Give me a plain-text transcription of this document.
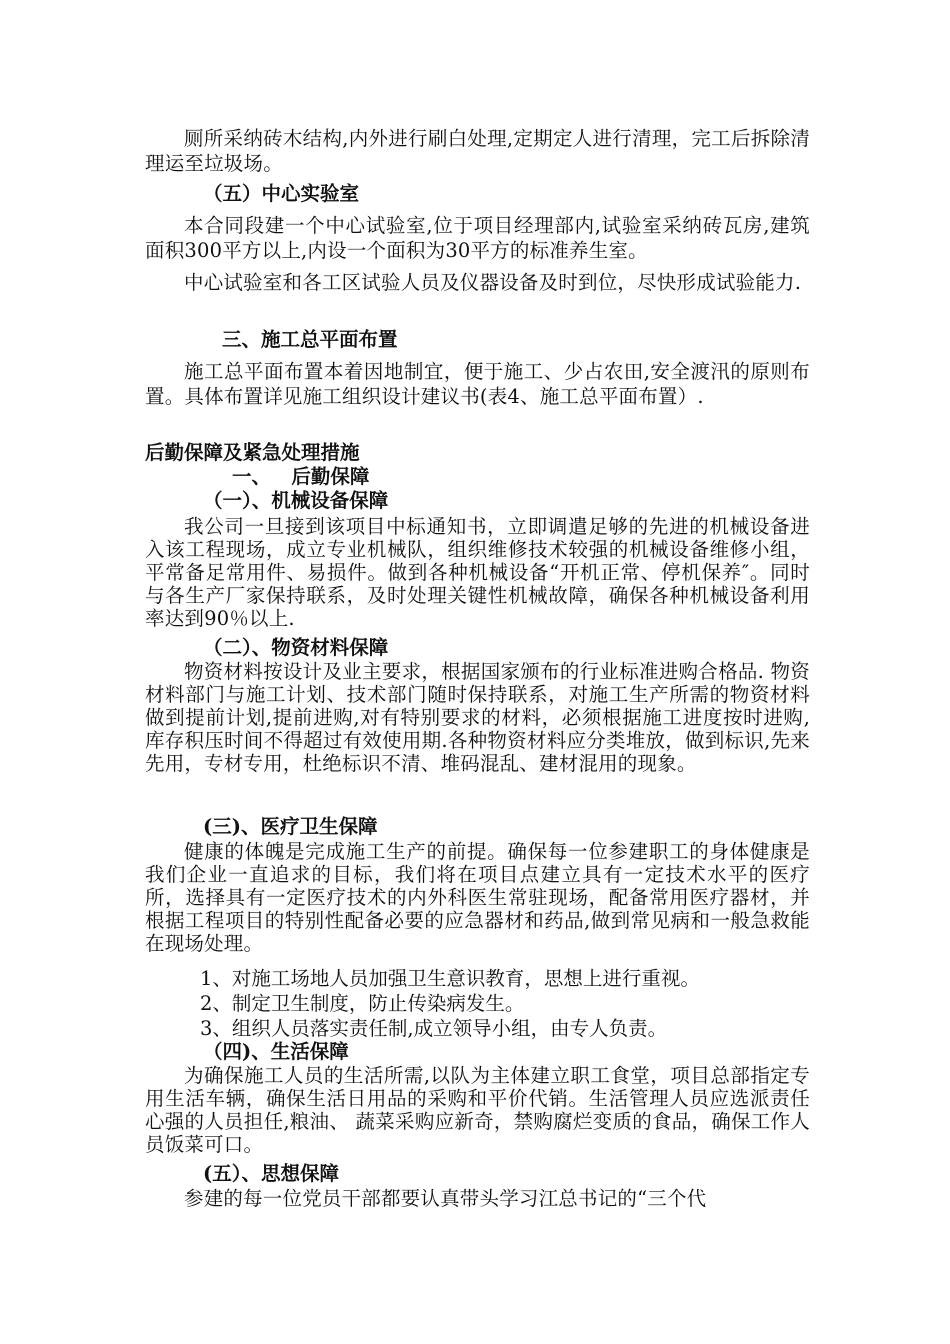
厕所采纳砖木结构,内外进行刷白处理,定期定人进行清理，完工后拆除清理运至垃圾场。

（五）中心实验室

本合同段建一个中心试验室,位于项目经理部内,试验室采纳砖瓦房,建筑面积300平方以上,内设一个面积为30平方的标准养生室。

中心试验室和各工区试验人员及仪器设备及时到位，尽快形成试验能力.

三、施工总平面布置

施工总平面布置本着因地制宜，便于施工、少占农田,安全渡汛的原则布置。具体布置详见施工组织设计建议书(表4、施工总平面布置）.

后勤保障及紧急处理措施

一、   后勤保障

（一）、机械设备保障

我公司一旦接到该项目中标通知书，立即调遣足够的先进的机械设备进入该工程现场，成立专业机械队，组织维修技术较强的机械设备维修小组，平常备足常用件、易损件。做到各种机械设备“开机正常、停机保养″。同时与各生产厂家保持联系，及时处理关键性机械故障，确保各种机械设备利用率达到90％以上.

（二）、物资材料保障

物资材料按设计及业主要求，根据国家颁布的行业标准进购合格品. 物资材料部门与施工计划、技术部门随时保持联系，对施工生产所需的物资材料做到提前计划,提前进购,对有特别要求的材料，必须根据施工进度按时进购,库存积压时间不得超过有效使用期.各种物资材料应分类堆放，做到标识,先来先用，专材专用，杜绝标识不清、堆码混乱、建材混用的现象。

(三)、医疗卫生保障

健康的体魄是完成施工生产的前提。确保每一位参建职工的身体健康是我们企业一直追求的目标，我们将在项目点建立具有一定技术水平的医疗所，选择具有一定医疗技术的内外科医生常驻现场，配备常用医疗器材，并根据工程项目的特别性配备必要的应急器材和药品,做到常见病和一般急救能在现场处理。

1、对施工场地人员加强卫生意识教育，思想上进行重视。

2、制定卫生制度，防止传染病发生。

3、组织人员落实责任制,成立领导小组，由专人负责。

（四)、生活保障

为确保施工人员的生活所需,以队为主体建立职工食堂，项目总部指定专用生活车辆，确保生活日用品的采购和平价代销。生活管理人员应选派责任心强的人员担任,粮油、 蔬菜采购应新奇，禁购腐烂变质的食品，确保工作人员饭菜可口。

(五）、思想保障

参建的每一位党员干部都要认真带头学习江总书记的“三个代
